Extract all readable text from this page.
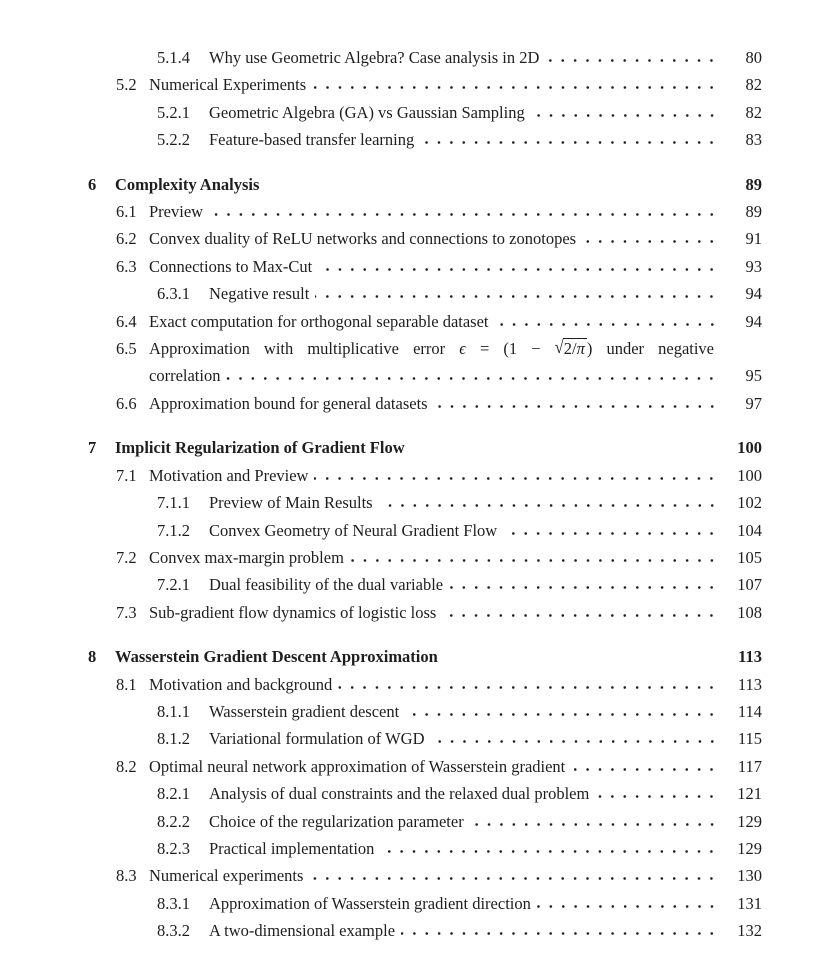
5.1.4	Why use Geometric Algebra? Case analysis in 2D	80
5.2 Numerical Experiments	82
5.2.1	Geometric Algebra (GA) vs Gaussian Sampling	82
5.2.2	Feature-based transfer learning	83
6	Complexity Analysis	89
6.1 Preview	89
6.2 Convex duality of ReLU networks and connections to zonotopes	91
6.3 Connections to Max-Cut	93
6.3.1	Negative result	94
6.4 Exact computation for orthogonal separable dataset	94
6.5 Approximation with multiplicative error ϵ = (1 − √2/π ) under negative
correlation	95
6.6 Approximation bound for general datasets	97
7	Implicit Regularization of Gradient Flow	100
7.1 Motivation and Preview	100
7.1.1	Preview of Main Results	102
7.1.2	Convex Geometry of Neural Gradient Flow	104
7.2 Convex max-margin problem	105
7.2.1	Dual feasibility of the dual variable	107
7.3 Sub-gradient flow dynamics of logistic loss	108
8	Wasserstein Gradient Descent Approximation	113
8.1 Motivation and background	113
8.1.1	Wasserstein gradient descent	114
8.1.2	Variational formulation of WGD	115
8.2 Optimal neural network approximation of Wasserstein gradient	117
8.2.1	Analysis of dual constraints and the relaxed dual problem	121
8.2.2	Choice of the regularization parameter	129
8.2.3	Practical implementation	129
8.3 Numerical experiments	130
8.3.1	Approximation of Wasserstein gradient direction	131
8.3.2	A two-dimensional example	132
